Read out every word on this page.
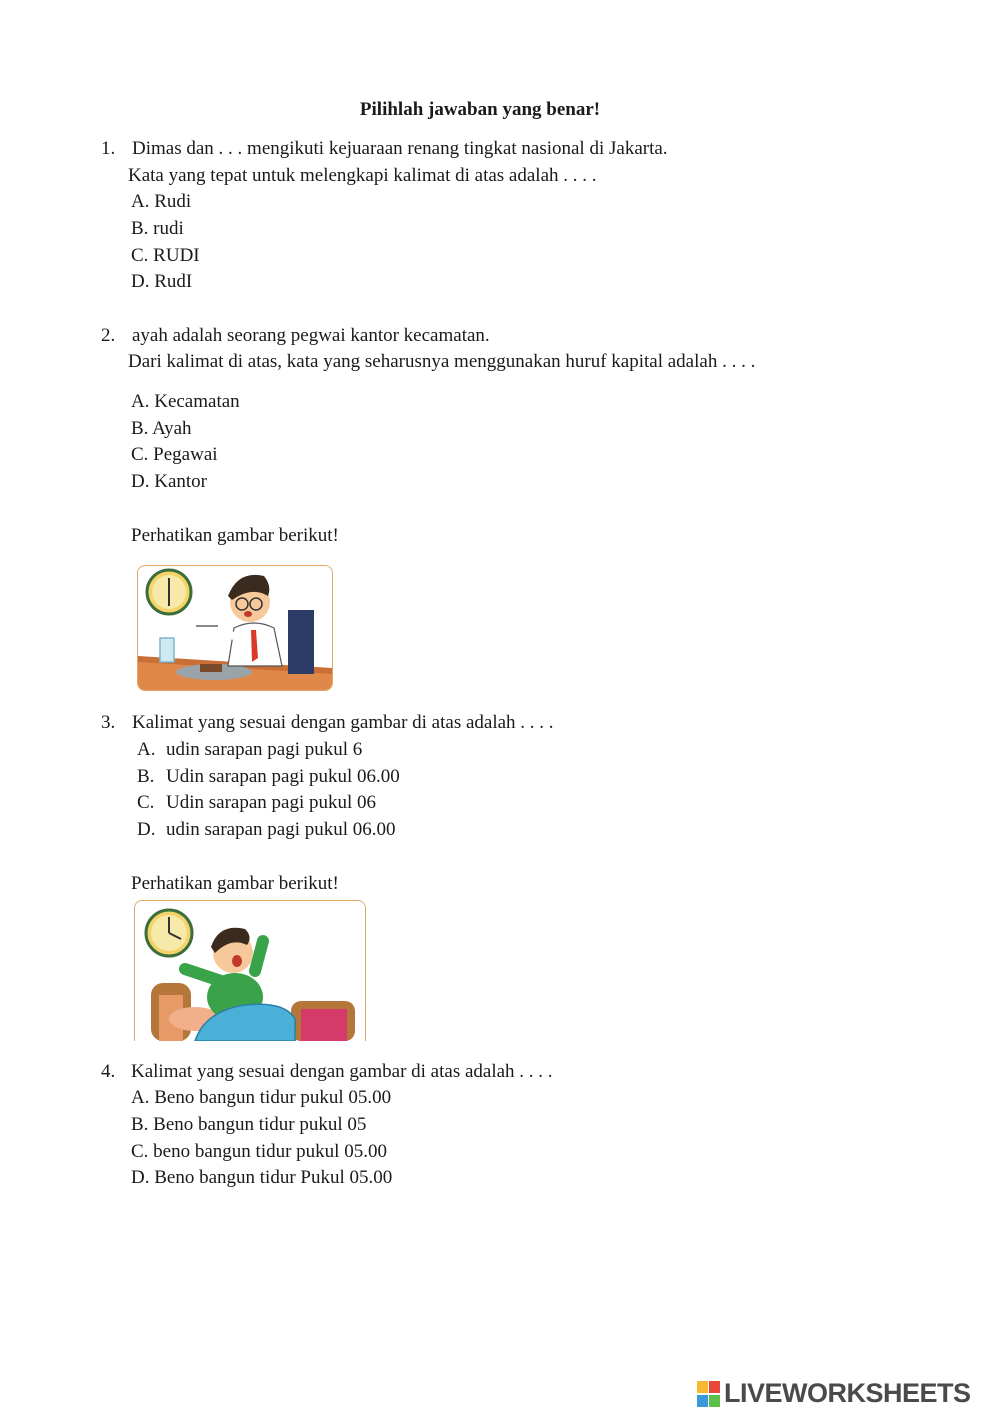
Pilihlah jawaban yang benar!
1. Dimas dan . . . mengikuti kejuaraan renang tingkat nasional di Jakarta.
Kata yang tepat untuk melengkapi kalimat di atas adalah . . . .
A. Rudi
B. rudi
C. RUDI
D. RudI
2. ayah adalah seorang pegwai kantor kecamatan.
Dari kalimat di atas, kata yang seharusnya menggunakan huruf kapital adalah . . . .
A. Kecamatan
B. Ayah
C. Pegawai
D. Kantor
Perhatikan gambar berikut!
3. Kalimat yang sesuai dengan gambar di atas adalah . . . .
A. udin sarapan pagi pukul 6
B. Udin sarapan pagi pukul 06.00
C. Udin sarapan pagi pukul 06
D. udin sarapan pagi pukul 06.00
Perhatikan gambar berikut!
4. Kalimat yang sesuai dengan gambar di atas adalah . . . .
A. Beno bangun tidur pukul 05.00
B. Beno bangun tidur pukul 05
C. beno bangun tidur pukul 05.00
D. Beno bangun tidur Pukul 05.00
LIVEWORKSHEETS
